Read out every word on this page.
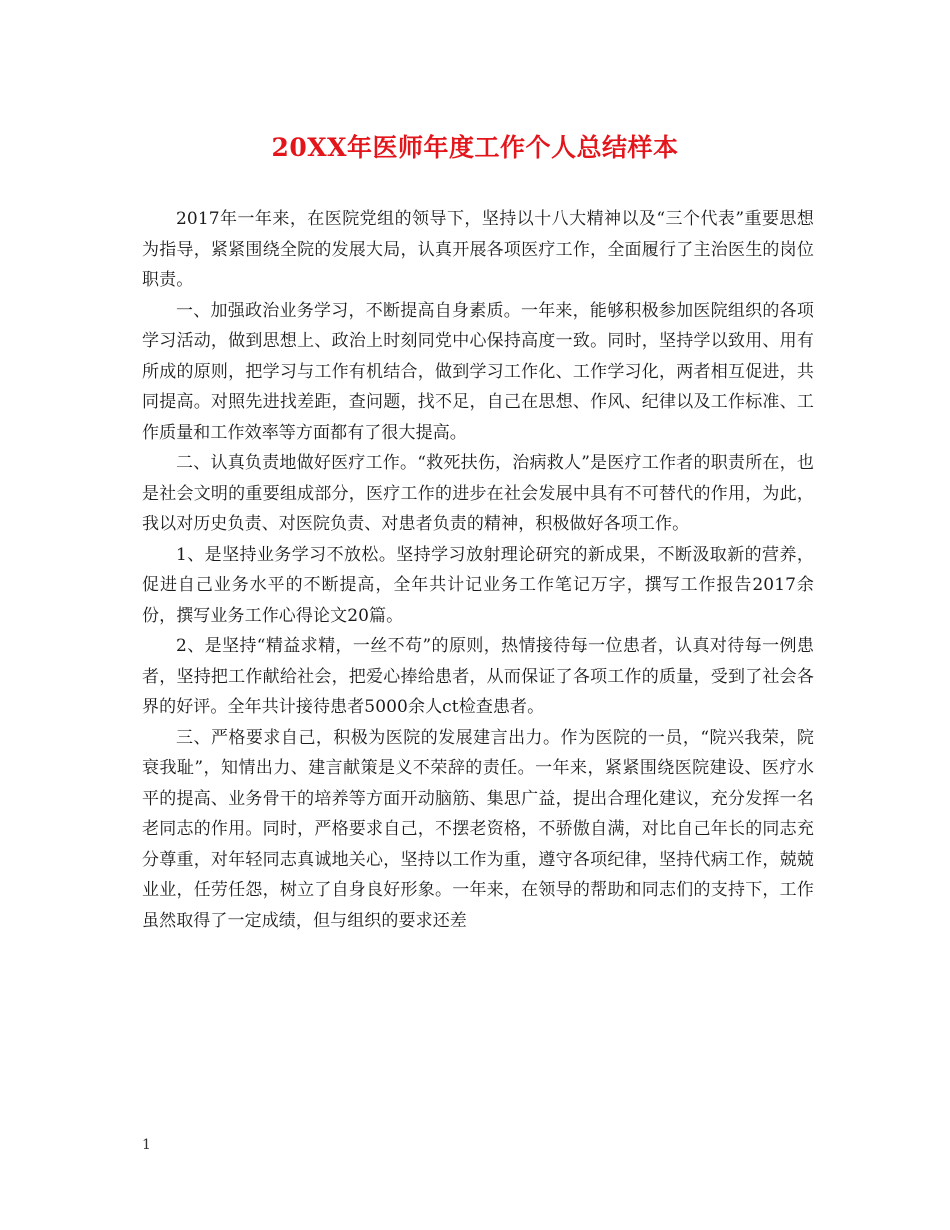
20XX年医师年度工作个人总结样本

2017年一年来，在医院党组的领导下，坚持以十八大精神以及“三个代表”重要思想为指导，紧紧围绕全院的发展大局，认真开展各项医疗工作，全面履行了主治医生的岗位职责。

一、加强政治业务学习，不断提高自身素质。一年来，能够积极参加医院组织的各项学习活动，做到思想上、政治上时刻同党中心保持高度一致。同时，坚持学以致用、用有所成的原则，把学习与工作有机结合，做到学习工作化、工作学习化，两者相互促进，共同提高。对照先进找差距，查问题，找不足，自己在思想、作风、纪律以及工作标准、工作质量和工作效率等方面都有了很大提高。

二、认真负责地做好医疗工作。“救死扶伤，治病救人”是医疗工作者的职责所在，也是社会文明的重要组成部分，医疗工作的进步在社会发展中具有不可替代的作用，为此，我以对历史负责、对医院负责、对患者负责的精神，积极做好各项工作。

1、是坚持业务学习不放松。坚持学习放射理论研究的新成果，不断汲取新的营养，促进自己业务水平的不断提高，全年共计记业务工作笔记万字，撰写工作报告2017余份，撰写业务工作心得论文20篇。

2、是坚持“精益求精，一丝不苟”的原则，热情接待每一位患者，认真对待每一例患者，坚持把工作献给社会，把爱心捧给患者，从而保证了各项工作的质量，受到了社会各界的好评。全年共计接待患者5000余人ct检查患者。

三、严格要求自己，积极为医院的发展建言出力。作为医院的一员，“院兴我荣，院衰我耻”，知情出力、建言献策是义不荣辞的责任。一年来，紧紧围绕医院建设、医疗水平的提高、业务骨干的培养等方面开动脑筋、集思广益，提出合理化建议，充分发挥一名老同志的作用。同时，严格要求自己，不摆老资格，不骄傲自满，对比自己年长的同志充分尊重，对年轻同志真诚地关心，坚持以工作为重，遵守各项纪律，坚持代病工作，兢兢业业，任劳任怨，树立了自身良好形象。一年来，在领导的帮助和同志们的支持下，工作虽然取得了一定成绩，但与组织的要求还差

1
